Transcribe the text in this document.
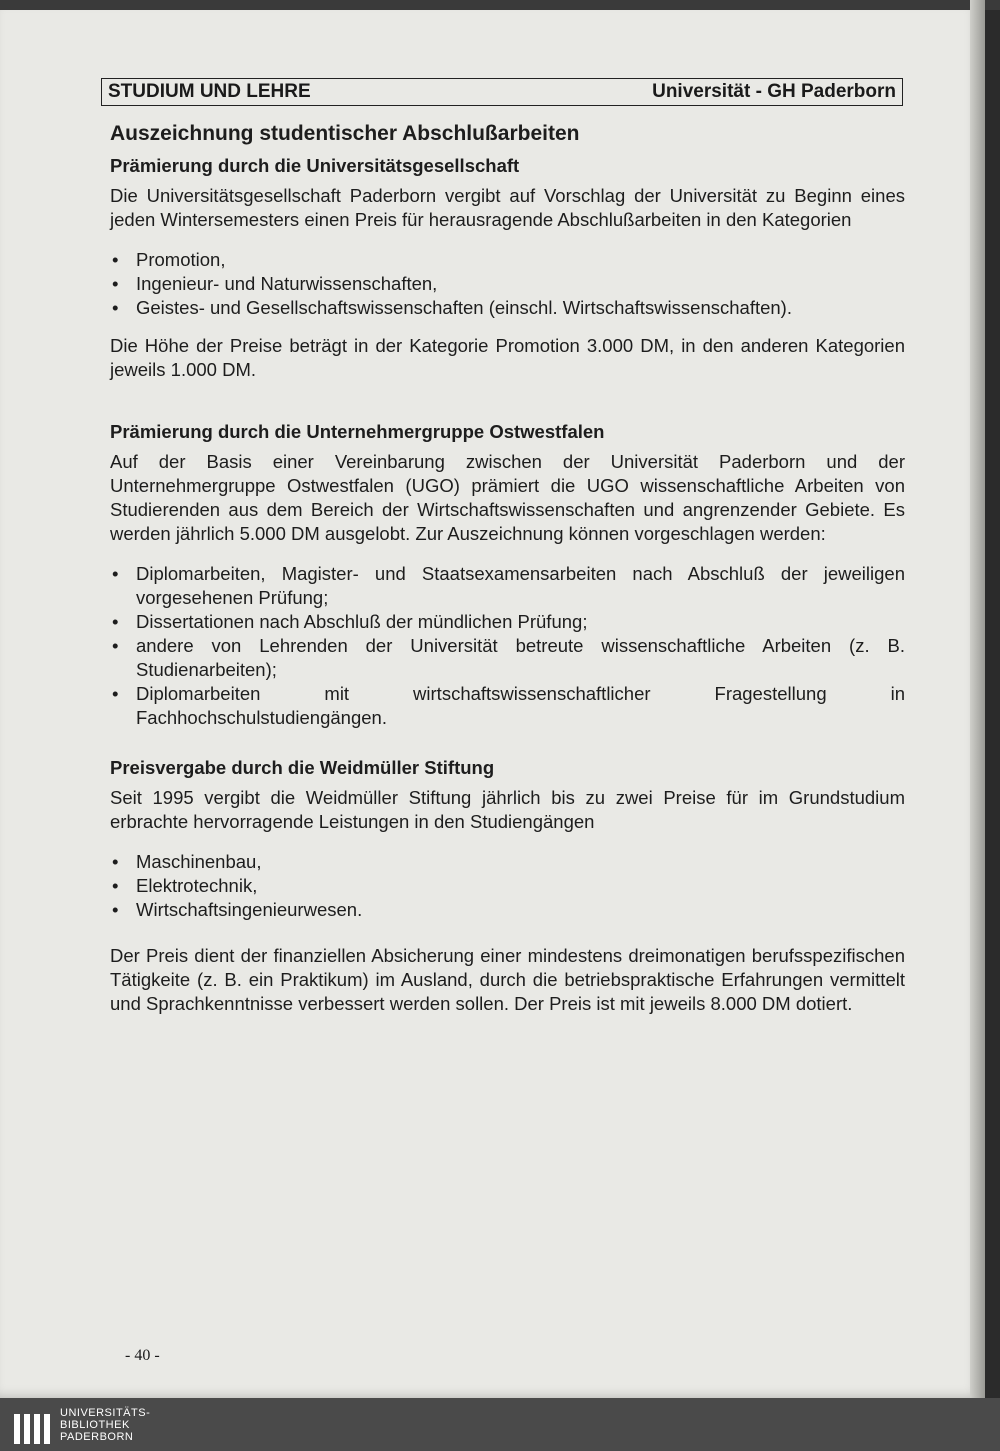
STUDIUM UND LEHRE	Universität - GH Paderborn
Auszeichnung studentischer Abschlußarbeiten
Prämierung durch die Universitätsgesellschaft

Die Universitätsgesellschaft Paderborn vergibt auf Vorschlag der Universität zu Beginn eines jeden Wintersemesters einen Preis für herausragende Abschlußarbeiten in den Kategorien

• Promotion,
• Ingenieur- und Naturwissenschaften,
• Geistes- und Gesellschaftswissenschaften (einschl. Wirtschaftswissenschaften).

Die Höhe der Preise beträgt in der Kategorie Promotion 3.000 DM, in den anderen Kategorien jeweils 1.000 DM.

Prämierung durch die Unternehmergruppe Ostwestfalen

Auf der Basis einer Vereinbarung zwischen der Universität Paderborn und der Unternehmergruppe Ostwestfalen (UGO) prämiert die UGO wissenschaftliche Arbeiten von Studierenden aus dem Bereich der Wirtschaftswissenschaften und angrenzender Gebiete. Es werden jährlich 5.000 DM ausgelobt. Zur Auszeichnung können vorgeschlagen werden:

• Diplomarbeiten, Magister- und Staatsexamensarbeiten nach Abschluß der jeweiligen vorgesehenen Prüfung;
• Dissertationen nach Abschluß der mündlichen Prüfung;
• andere von Lehrenden der Universität betreute wissenschaftliche Arbeiten (z. B. Studienarbeiten);
• Diplomarbeiten mit wirtschaftswissenschaftlicher Fragestellung in Fachhochschulstudiengängen.
Preisvergabe durch die Weidmüller Stiftung

Seit 1995 vergibt die Weidmüller Stiftung jährlich bis zu zwei Preise für im Grundstudium erbrachte hervorragende Leistungen in den Studiengängen

• Maschinenbau,
• Elektrotechnik,
• Wirtschaftsingenieurwesen.

Der Preis dient der finanziellen Absicherung einer mindestens dreimonatigen berufsspezifischen Tätigkeite (z. B. ein Praktikum) im Ausland, durch die betriebspraktische Erfahrungen vermittelt und Sprachkenntnisse verbessert werden sollen. Der Preis ist mit jeweils 8.000 DM dotiert.

- 40 -
UNIVERSITÄTS-
BIBLIOTHEK
PADERBORN
